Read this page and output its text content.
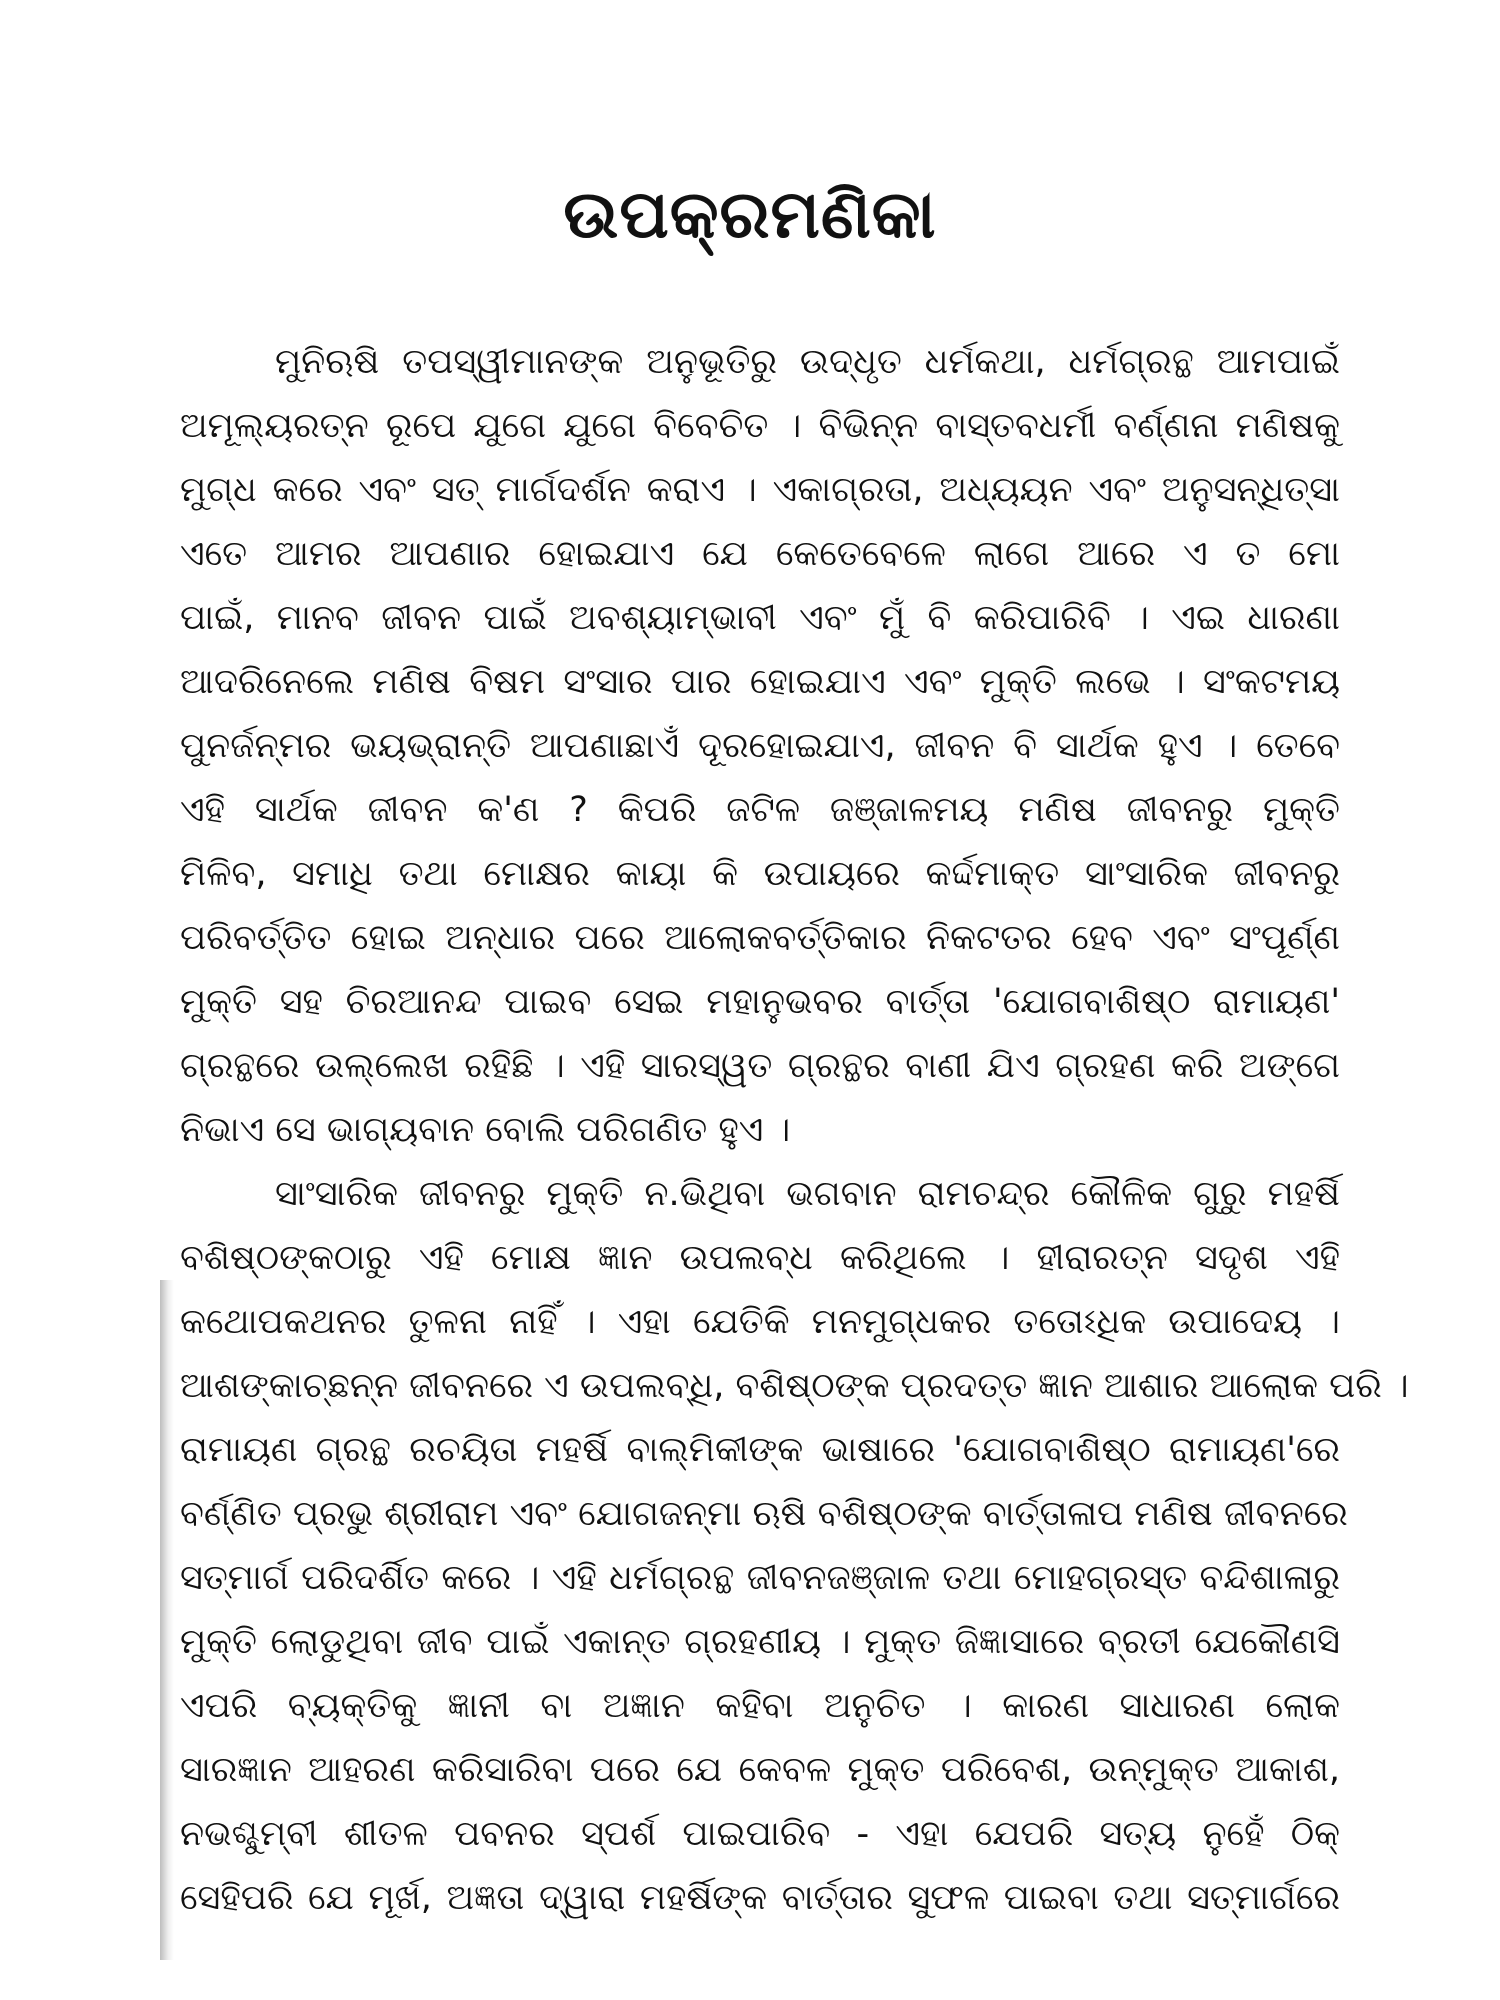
ଉପକ୍ରମଣିକା
ମୁନିଋଷି ତପସ୍ୱୀମାନଙ୍କ ଅନୁଭୂତିରୁ ଉଦ୍ଧୃତ ଧର୍ମକଥା, ଧର୍ମଗ୍ରନ୍ଥ ଆମପାଇଁ
ଅମୂଲ୍ୟରତ୍ନ ରୂପେ ଯୁଗେ ଯୁଗେ ବିବେଚିତ । ବିଭିନ୍ନ ବାସ୍ତବଧର୍ମୀ ବର୍ଣ୍ଣନା ମଣିଷକୁ
ମୁଗ୍ଧ କରେ ଏବଂ ସତ୍ ମାର୍ଗଦର୍ଶନ କରାଏ । ଏକାଗ୍ରତା, ଅଧ୍ୟୟନ ଏବଂ ଅନୁସନ୍ଧିତ୍ସା
ଏତେ ଆମର ଆପଣାର ହୋଇଯାଏ ଯେ କେତେବେଳେ ଲାଗେ ଆରେ ଏ ତ ମୋ
ପାଇଁ, ମାନବ ଜୀବନ ପାଇଁ ଅବଶ୍ୟାମ୍ଭାବୀ ଏବଂ ମୁଁ ବି କରିପାରିବି । ଏଇ ଧାରଣା
ଆଦରିନେଲେ ମଣିଷ ବିଷମ ସଂସାର ପାର ହୋଇଯାଏ ଏବଂ ମୁକ୍ତି ଲଭେ । ସଂକଟମୟ
ପୁନର୍ଜନ୍ମର ଭୟଭ୍ରାନ୍ତି ଆପଣାଛାଏଁ ଦୂରହୋଇଯାଏ, ଜୀବନ ବି ସାର୍ଥକ ହୁଏ । ତେବେ
ଏହି ସାର୍ଥକ ଜୀବନ କ'ଣ ? କିପରି ଜଟିଳ ଜଞ୍ଜାଳମୟ ମଣିଷ ଜୀବନରୁ ମୁକ୍ତି
ମିଳିବ, ସମାଧି ତଥା ମୋକ୍ଷର କାୟା କି ଉପାୟରେ କର୍ଦ୍ଦମାକ୍ତ ସାଂସାରିକ ଜୀବନରୁ
ପରିବର୍ତ୍ତିତ ହୋଇ ଅନ୍ଧାର ପରେ ଆଲୋକବର୍ତ୍ତିକାର ନିକଟତର ହେବ ଏବଂ ସଂପୂର୍ଣ୍ଣ
ମୁକ୍ତି ସହ ଚିରଆନନ୍ଦ ପାଇବ ସେଇ ମହାନୁଭବର ବାର୍ତ୍ତା 'ଯୋଗବାଶିଷ୍ଠ ରାମାୟଣ'
ଗ୍ରନ୍ଥରେ ଉଲ୍ଲେଖ ରହିଛି । ଏହି ସାରସ୍ୱତ ଗ୍ରନ୍ଥର ବାଣୀ ଯିଏ ଗ୍ରହଣ କରି ଅଙ୍ଗେ
ନିଭାଏ ସେ ଭାଗ୍ୟବାନ ବୋଲି ପରିଗଣିତ ହୁଏ ।
ସାଂସାରିକ ଜୀବନରୁ ମୁକ୍ତି ନ.ଭିଥିବା ଭଗବାନ ରାମଚନ୍ଦ୍ର କୌଳିକ ଗୁରୁ ମହର୍ଷି
ବଶିଷ୍ଠଙ୍କଠାରୁ ଏହି ମୋକ୍ଷ ଜ୍ଞାନ ଉପଲବ୍ଧ କରିଥିଲେ । ହୀରାରତ୍ନ ସଦୃଶ ଏହି
କଥୋପକଥନର ତୁଳନା ନାହିଁ । ଏହା ଯେତିକି ମନମୁଗ୍ଧକର ତତୋଽଧିକ ଉପାଦେୟ ।
ଆଶଙ୍କାଚ୍ଛନ୍ନ ଜୀବନରେ ଏ ଉପଲବ୍ଧି, ବଶିଷ୍ଠଙ୍କ ପ୍ରଦତ୍ତ ଜ୍ଞାନ ଆଶାର ଆଲୋକ ପରି ।
ରାମାୟଣ ଗ୍ରନ୍ଥ ରଚୟିତା ମହର୍ଷି ବାଲ୍ମିକୀଙ୍କ ଭାଷାରେ 'ଯୋଗବାଶିଷ୍ଠ ରାମାୟଣ'ରେ
ବର୍ଣ୍ଣିତ ପ୍ରଭୁ ଶ୍ରୀରାମ ଏବଂ ଯୋଗଜନ୍ମା ଋଷି ବଶିଷ୍ଠଙ୍କ ବାର୍ତ୍ତାଳାପ ମଣିଷ ଜୀବନରେ
ସତ୍‌ମାର୍ଗ ପରିଦର୍ଶିତ କରେ । ଏହି ଧର୍ମଗ୍ରନ୍ଥ ଜୀବନଜଞ୍ଜାଳ ତଥା ମୋହଗ୍ରସ୍ତ ବନ୍ଦିଶାଳାରୁ
ମୁକ୍ତି ଲୋଡୁଥିବା ଜୀବ ପାଇଁ ଏକାନ୍ତ ଗ୍ରହଣୀୟ । ମୁକ୍ତ ଜିଜ୍ଞାସାରେ ବ୍ରତୀ ଯେକୌଣସି
ଏପରି ବ୍ୟକ୍ତିକୁ ଜ୍ଞାନୀ ବା ଅଜ୍ଞାନ କହିବା ଅନୁଚିତ । କାରଣ ସାଧାରଣ ଲୋକ
ସାରଜ୍ଞାନ ଆହରଣ କରିସାରିବା ପରେ ଯେ କେବଳ ମୁକ୍ତ ପରିବେଶ, ଉନ୍ମୁକ୍ତ ଆକାଶ,
ନଭଶ୍ଚୁମ୍ବୀ ଶୀତଳ ପବନର ସ୍ପର୍ଶ ପାଇପାରିବ - ଏହା ଯେପରି ସତ୍ୟ ନୁହେଁ ଠିକ୍
ସେହିପରି ଯେ ମୂର୍ଖ, ଅଜ୍ଞତା ଦ୍ୱାରା ମହର୍ଷିଙ୍କ ବାର୍ତ୍ତାର ସୁଫଳ ପାଇବା ତଥା ସତ୍‌ମାର୍ଗରେ
